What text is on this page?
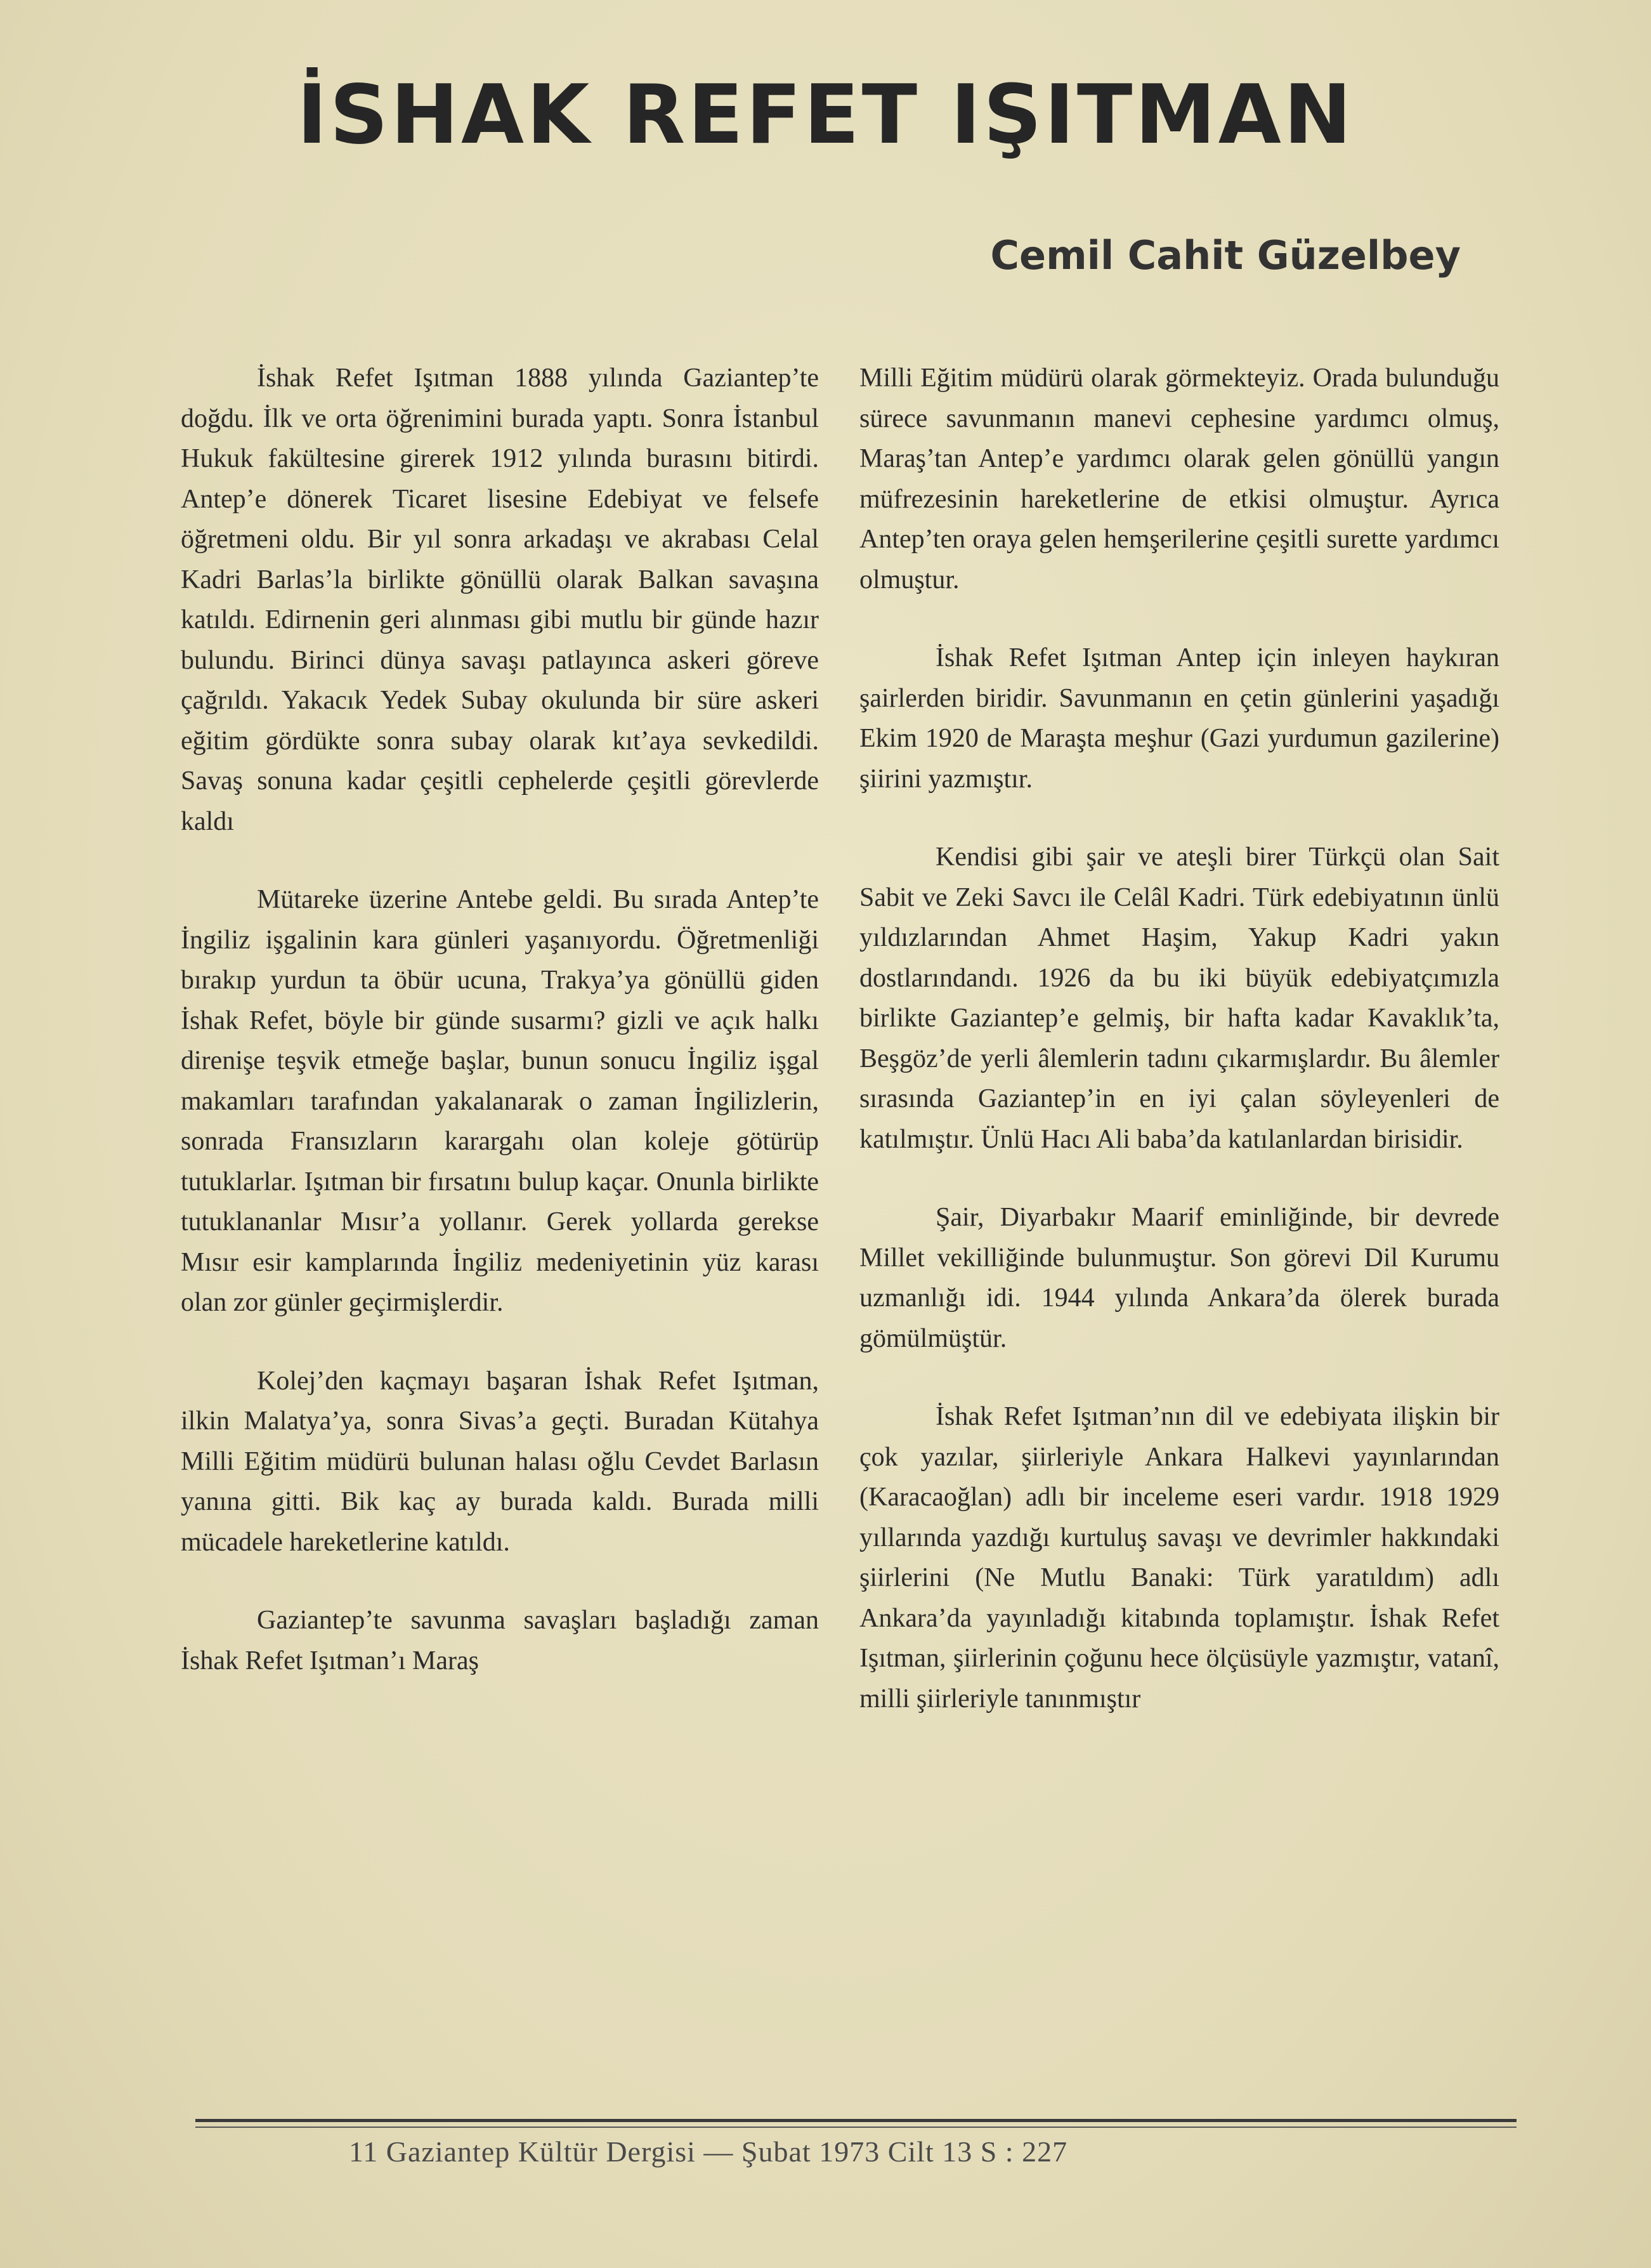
İSHAK REFET IŞITMAN
Cemil Cahit Güzelbey

İshak Refet Işıtman 1888 yılında Gaziantep’te doğdu. İlk ve orta öğrenimini burada yaptı. Sonra İstanbul Hukuk fakültesine girerek 1912 yılında burasını bitirdi. Antep’e dönerek Ticaret lisesine Edebiyat ve felsefe öğretmeni oldu. Bir yıl sonra arkadaşı ve akrabası Celal Kadri Barlas’la birlikte gönüllü olarak Balkan savaşına katıldı. Edirnenin geri alınması gibi mutlu bir günde hazır bulundu. Birinci dünya savaşı patlayınca askeri göreve çağrıldı. Yakacık Yedek Subay okulunda bir süre askeri eğitim gördükte sonra subay olarak kıt’aya sevkedildi. Savaş sonuna kadar çeşitli cephelerde çeşitli görevlerde kaldı

Mütareke üzerine Antebe geldi. Bu sırada Antep’te İngiliz işgalinin kara günleri yaşanıyordu. Öğretmenliği bırakıp yurdun ta öbür ucuna, Trakya’ya gönüllü giden İshak Refet, böyle bir günde susarmı? gizli ve açık halkı direnişe teşvik etmeğe başlar, bunun sonucu İngiliz işgal makamları tarafından yakalanarak o zaman İngilizlerin, sonrada Fransızların karargahı olan koleje götürüp tutuklarlar. Işıtman bir fırsatını bulup kaçar. Onunla birlikte tutuklananlar Mısır’a yollanır. Gerek yollarda gerekse Mısır esir kamplarında İngiliz medeniyetinin yüz karası olan zor günler geçirmişlerdir.

Kolej’den kaçmayı başaran İshak Refet Işıtman, ilkin Malatya’ya, sonra Sivas’a geçti. Buradan Kütahya Milli Eğitim müdürü bulunan halası oğlu Cevdet Barlasın yanına gitti. Bik kaç ay burada kaldı. Burada milli mücadele hareketlerine katıldı.

Gaziantep’te savunma savaşları başladığı zaman İshak Refet Işıtman’ı Maraş

Milli Eğitim müdürü olarak görmekteyiz. Orada bulunduğu sürece savunmanın manevi cephesine yardımcı olmuş, Maraş’tan Antep’e yardımcı olarak gelen gönüllü yangın müfrezesinin hareketlerine de etkisi olmuştur. Ayrıca Antep’ten oraya gelen hemşerilerine çeşitli surette yardımcı olmuştur.

İshak Refet Işıtman Antep için inleyen haykıran şairlerden biridir. Savunmanın en çetin günlerini yaşadığı Ekim 1920 de Maraşta meşhur (Gazi yurdumun gazilerine) şiirini yazmıştır.

Kendisi gibi şair ve ateşli birer Türkçü olan Sait Sabit ve Zeki Savcı ile Celâl Kadri. Türk edebiyatının ünlü yıldızlarından Ahmet Haşim, Yakup Kadri yakın dostlarındandı. 1926 da bu iki büyük edebiyatçımızla birlikte Gaziantep’e gelmiş, bir hafta kadar Kavaklık’ta, Beşgöz’de yerli âlemlerin tadını çıkarmışlardır. Bu âlemler sırasında Gaziantep’in en iyi çalan söyleyenleri de katılmıştır. Ünlü Hacı Ali baba’da katılanlardan birisidir.

Şair, Diyarbakır Maarif eminliğinde, bir devrede Millet vekilliğinde bulunmuştur. Son görevi Dil Kurumu uzmanlığı idi. 1944 yılında Ankara’da ölerek burada gömülmüştür.

İshak Refet Işıtman’nın dil ve edebiyata ilişkin bir çok yazılar, şiirleriyle Ankara Halkevi yayınlarından (Karacaoğlan) adlı bir inceleme eseri vardır. 1918 1929 yıllarında yazdığı kurtuluş savaşı ve devrimler hakkındaki şiirlerini (Ne Mutlu Banaki: Türk yaratıldım) adlı Ankara’da yayınladığı kitabında toplamıştır. İshak Refet Işıtman, şiirlerinin çoğunu hece ölçüsüyle yazmıştır, vatanî, milli şiirleriyle tanınmıştır

11 Gaziantep Kültür Dergisi — Şubat 1973 Cilt 13 S : 227
